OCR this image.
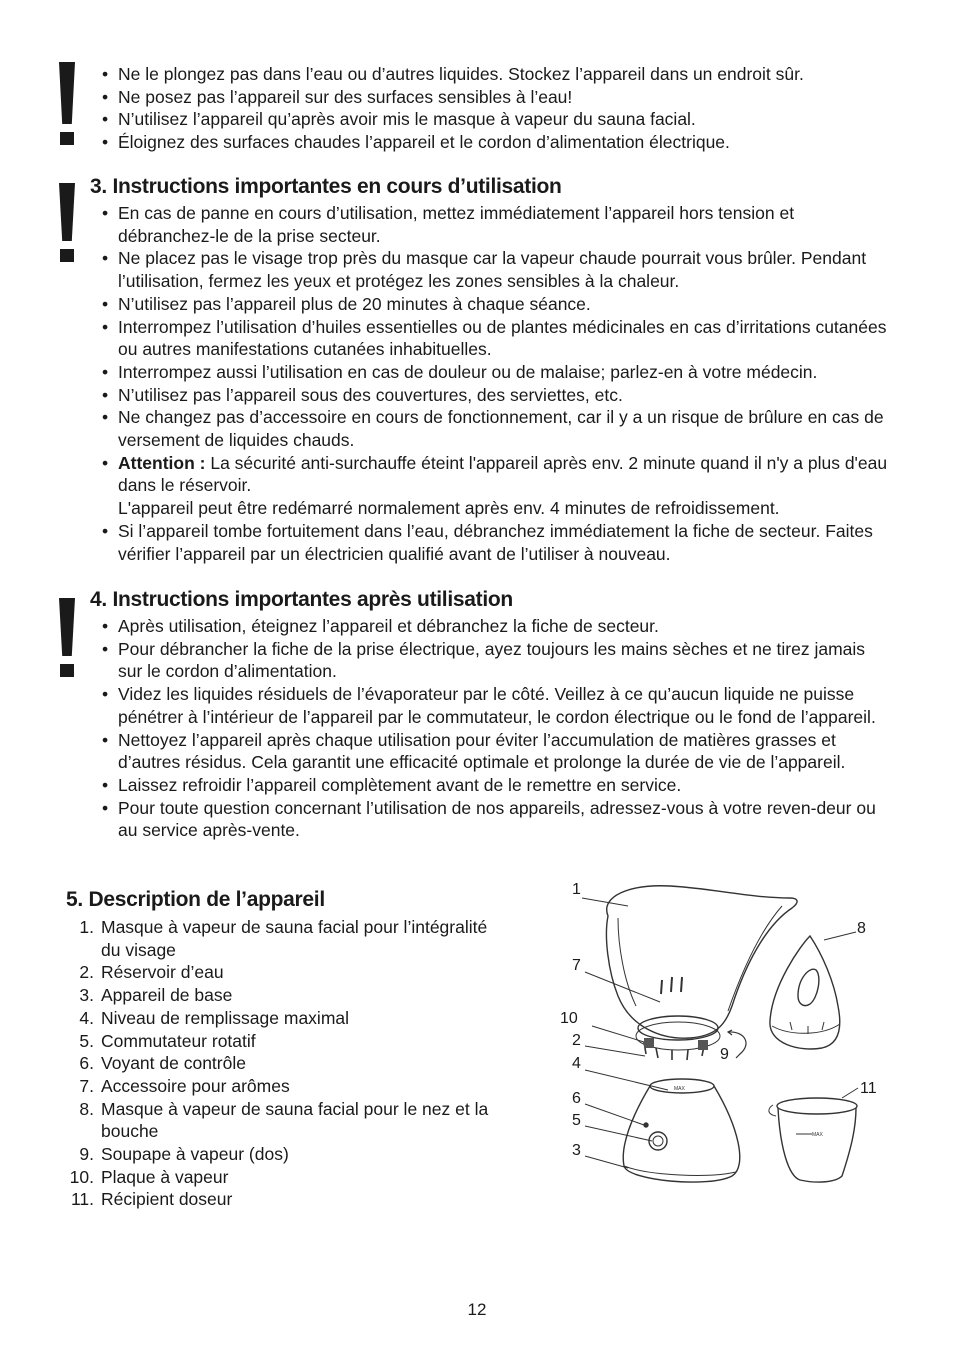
• Ne le plongez pas dans l’eau ou d’autres liquides. Stockez l’appareil dans un endroit sûr.
• Ne posez pas l’appareil sur des surfaces sensibles à l’eau!
• N’utilisez l’appareil qu’après avoir mis le masque à vapeur du sauna facial.
• Éloignez des surfaces chaudes l’appareil et le cordon d’alimentation électrique.
3. Instructions importantes en cours d’utilisation
• En cas de panne en cours d’utilisation, mettez immédiatement l’appareil hors tension et débranchez-le de la prise secteur.
• Ne placez pas le visage trop près du masque car la vapeur chaude pourrait vous brûler. Pendant l’utilisation, fermez les yeux et protégez les zones sensibles à la chaleur.
• N’utilisez pas l’appareil plus de 20 minutes à chaque séance.
• Interrompez l’utilisation d’huiles essentielles ou de plantes médicinales en cas d’irritations cutanées ou autres manifestations cutanées inhabituelles.
• Interrompez aussi l’utilisation en cas de douleur ou de malaise; parlez-en à votre médecin.
• N’utilisez pas l’appareil sous des couvertures, des serviettes, etc.
• Ne changez pas d’accessoire en cours de fonctionnement, car il y a un risque de brûlure en cas de versement de liquides chauds.
• Attention : La sécurité anti-surchauffe éteint l'appareil après env. 2 minute quand il n'y a plus d'eau dans le réservoir.
L'appareil peut être redémarré normalement après env. 4 minutes de refroidissement.
• Si l’appareil tombe fortuitement dans l’eau, débranchez immédiatement la fiche de secteur. Faites vérifier l’appareil par un électricien qualifié avant de l’utiliser à nouveau.
4. Instructions importantes après utilisation
• Après utilisation, éteignez l’appareil et débranchez la fiche de secteur.
• Pour débrancher la fiche de la prise électrique, ayez toujours les mains sèches et ne tirez jamais sur le cordon d’alimentation.
• Videz les liquides résiduels de l’évaporateur par le côté. Veillez à ce qu’aucun liquide ne puisse pénétrer à l’intérieur de l’appareil par le commutateur, le cordon électrique ou le fond de l’appareil.
• Nettoyez l’appareil après chaque utilisation pour éviter l’accumulation de matières grasses et d’autres résidus. Cela garantit une efficacité optimale et prolonge la durée de vie de l’appareil.
• Laissez refroidir l’appareil complètement avant de le remettre en service.
• Pour toute question concernant l’utilisation de nos appareils, adressez-vous à votre reven-deur ou au service après-vente.
5. Description de l’appareil
1. Masque à vapeur de sauna facial pour l’intégralité du visage
2. Réservoir d’eau
3. Appareil de base
4. Niveau de remplissage maximal
5. Commutateur rotatif
6. Voyant de contrôle
7. Accessoire pour arômes
8. Masque à vapeur de sauna facial pour le nez et la bouche
9. Soupape à vapeur (dos)
10. Plaque à vapeur
11. Récipient doseur
MAX
MAX
1
7
10
2
4
6
5
3
8
9
11
12
